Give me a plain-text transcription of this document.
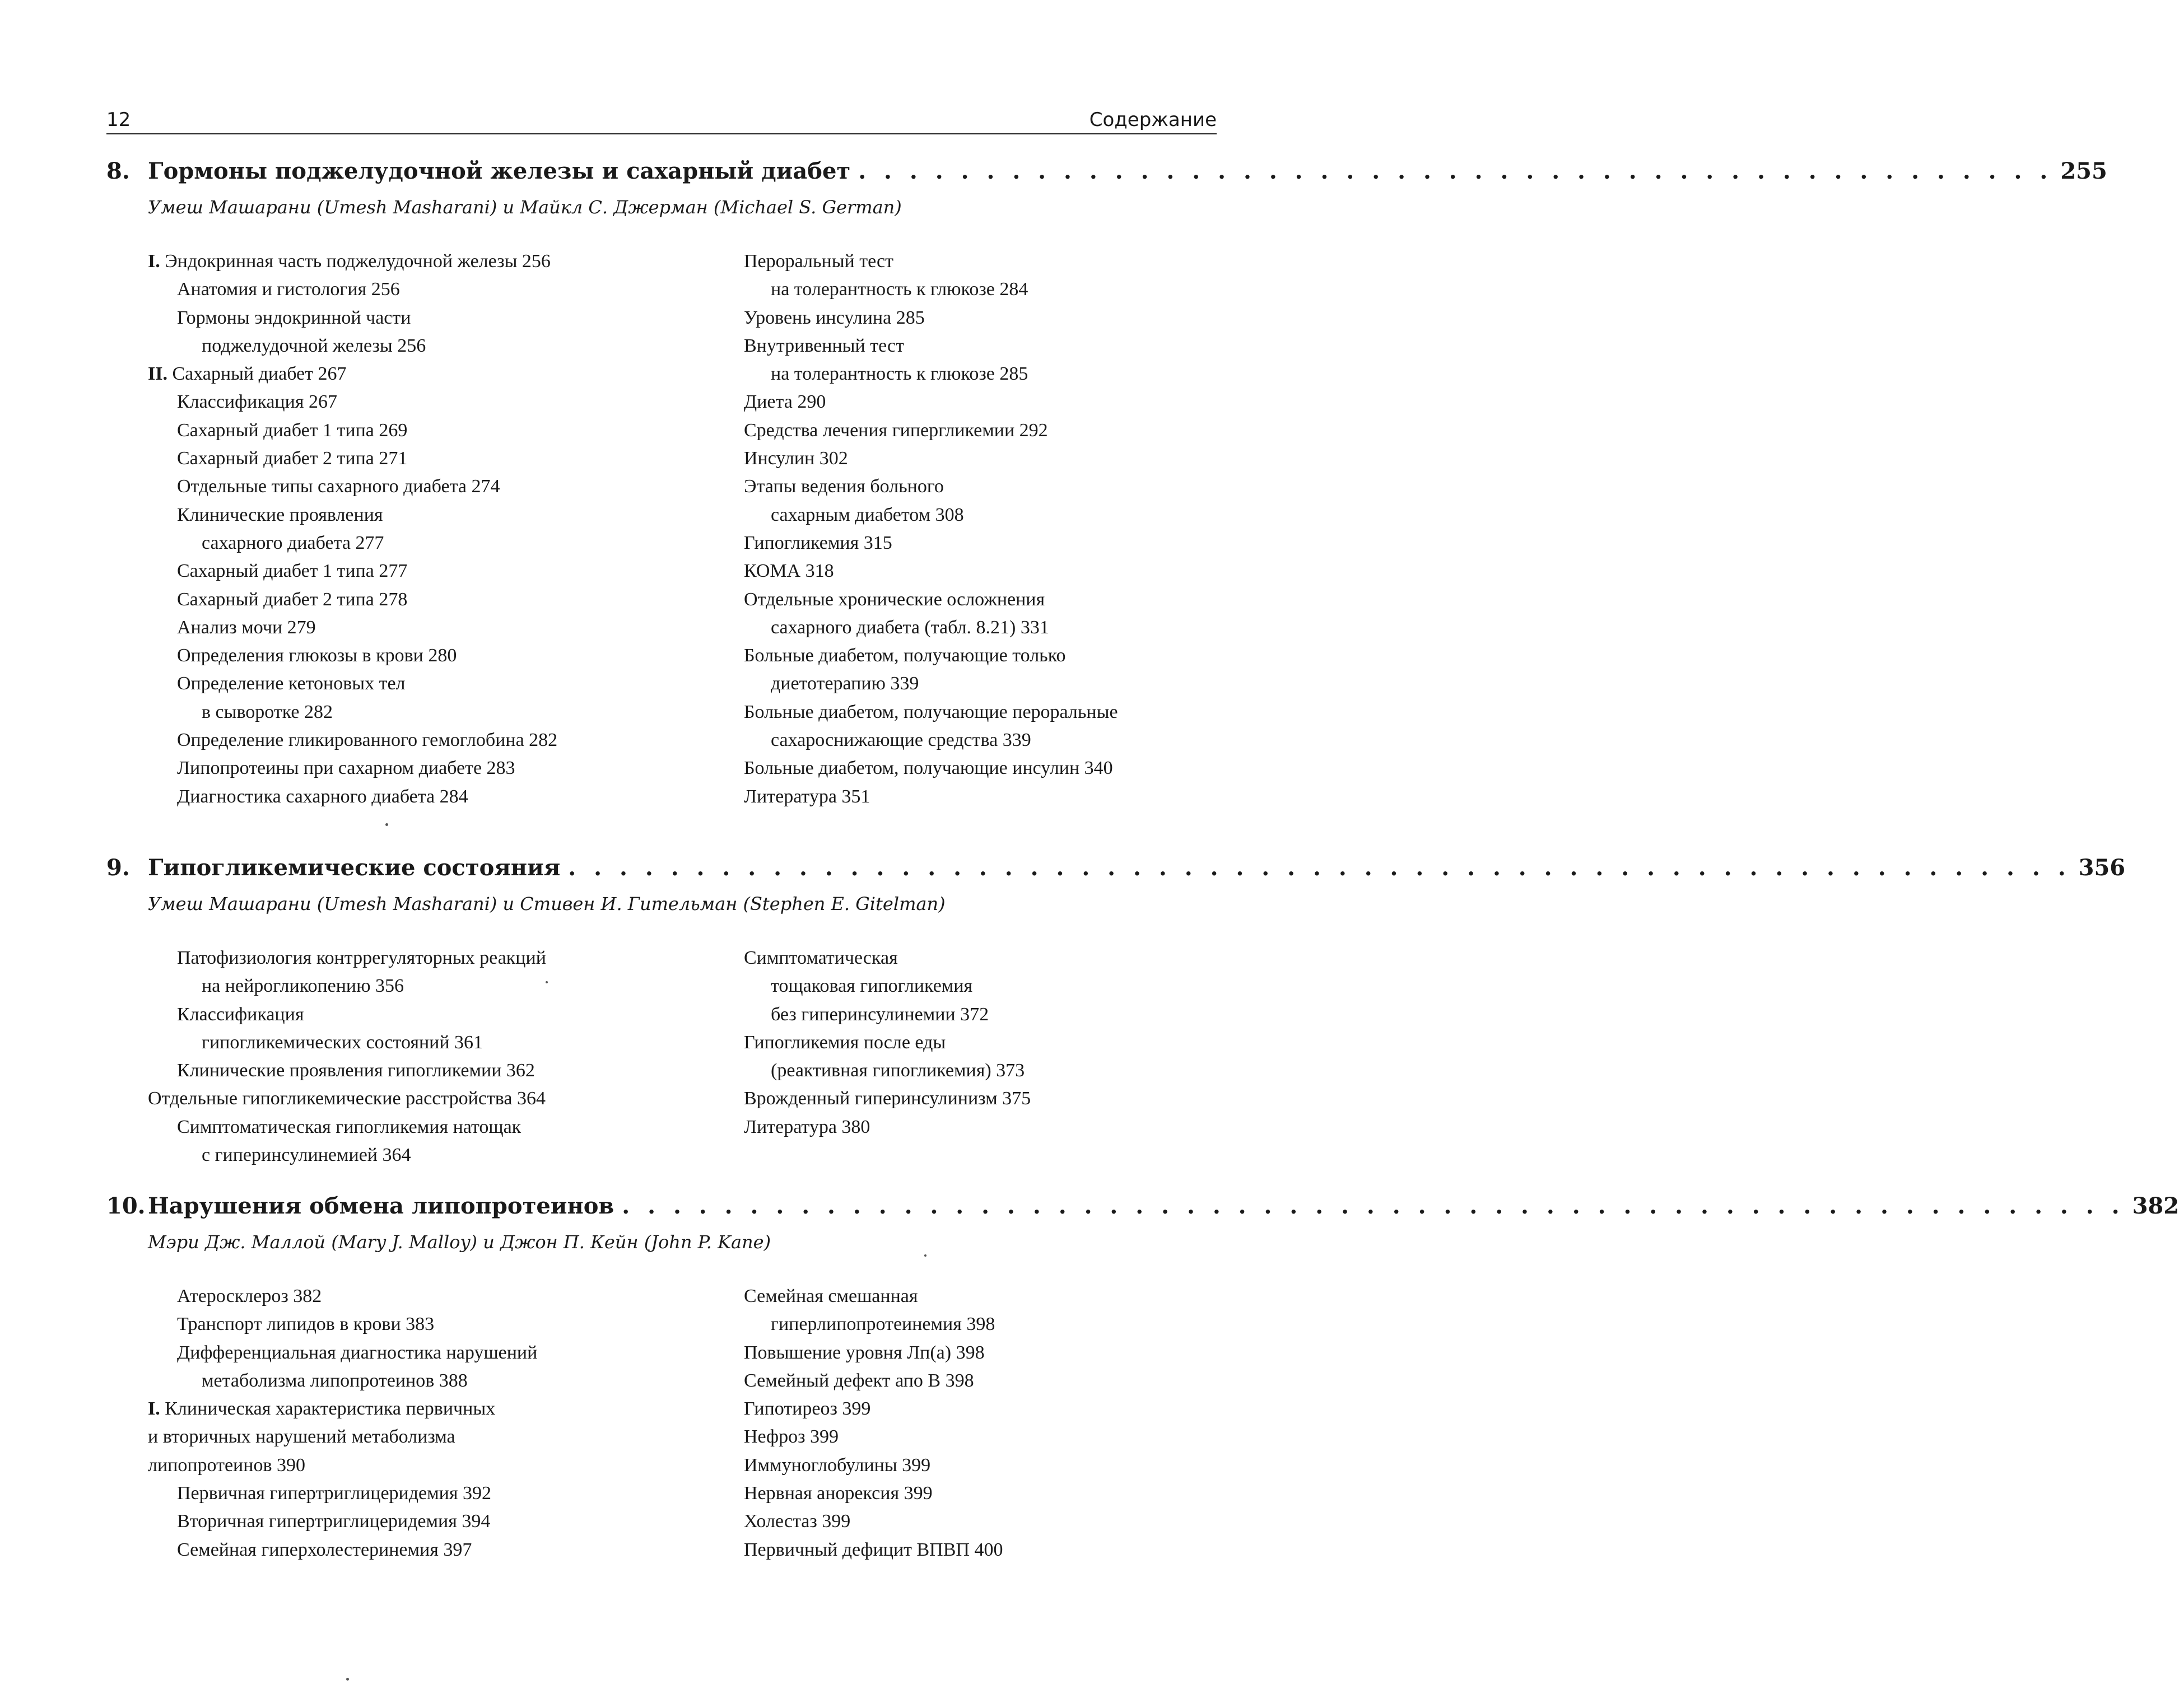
12	Содержание
8. Гормоны поджелудочной железы и сахарный диабет . . . . . . . . . . . . . . . . . . . . . . . . . . . . . . . . . . . . . . . . . . . . . . . 255
Умеш Машарани (Umesh Masharani) и Майкл С. Джерман (Michael S. German)
I. Эндокринная часть поджелудочной железы 256
Анатомия и гистология 256
Гормоны эндокринной части
поджелудочной железы 256
II. Сахарный диабет 267
Классификация 267
Сахарный диабет 1 типа 269
Сахарный диабет 2 типа 271
Отдельные типы сахарного диабета 274
Клинические проявления
сахарного диабета 277
Сахарный диабет 1 типа 277
Сахарный диабет 2 типа 278
Анализ мочи 279
Определения глюкозы в крови 280
Определение кетоновых тел
в сыворотке 282
Определение гликированного гемоглобина 282
Липопротеины при сахарном диабете 283
Диагностика сахарного диабета 284
Пероральный тест
на толерантность к глюкозе 284
Уровень инсулина 285
Внутривенный тест
на толерантность к глюкозе 285
Диета 290
Средства лечения гипергликемии 292
Инсулин 302
Этапы ведения больного
сахарным диабетом 308
Гипогликемия 315
КОМА 318
Отдельные хронические осложнения
сахарного диабета (табл. 8.21) 331
Больные диабетом, получающие только
диетотерапию 339
Больные диабетом, получающие пероральные
сахароснижающие средства 339
Больные диабетом, получающие инсулин 340
Литература 351
9. Гипогликемические состояния . . . . . . . . . . . . . . . . . . . . . . . . . . . . . . . . . . . . . . . . . . . . . . . . . . . . . . . . . . . 356
Умеш Машарани (Umesh Masharani) и Стивен И. Гительман (Stephen E. Gitelman)
Патофизиология контррегуляторных реакций
на нейрогликопению 356
Классификация
гипогликемических состояний 361
Клинические проявления гипогликемии 362
Отдельные гипогликемические расстройства 364
Симптоматическая гипогликемия натощак
с гиперинсулинемией 364
Симптоматическая
тощаковая гипогликемия
без гиперинсулинемии 372
Гипогликемия после еды
(реактивная гипогликемия) 373
Врожденный гиперинсулинизм 375
Литература 380
10. Нарушения обмена липопротеинов . . . . . . . . . . . . . . . . . . . . . . . . . . . . . . . . . . . . . . . . . . . . . . . . . . . . . . . . . . . 382
Мэри Дж. Маллой (Mary J. Malloy) и Джон П. Кейн (John P. Kane)
Атеросклероз 382
Транспорт липидов в крови 383
Дифференциальная диагностика нарушений
метаболизма липопротеинов 388
I. Клиническая характеристика первичных
и вторичных нарушений метаболизма
липопротеинов 390
Первичная гипертриглицеридемия 392
Вторичная гипертриглицеридемия 394
Семейная гиперхолестеринемия 397
Семейная смешанная
гиперлипопротеинемия 398
Повышение уровня Лп(а) 398
Семейный дефект апо В 398
Гипотиреоз 399
Нефроз 399
Иммуноглобулины 399
Нервная анорексия 399
Холестаз 399
Первичный дефицит ВПВП 400
